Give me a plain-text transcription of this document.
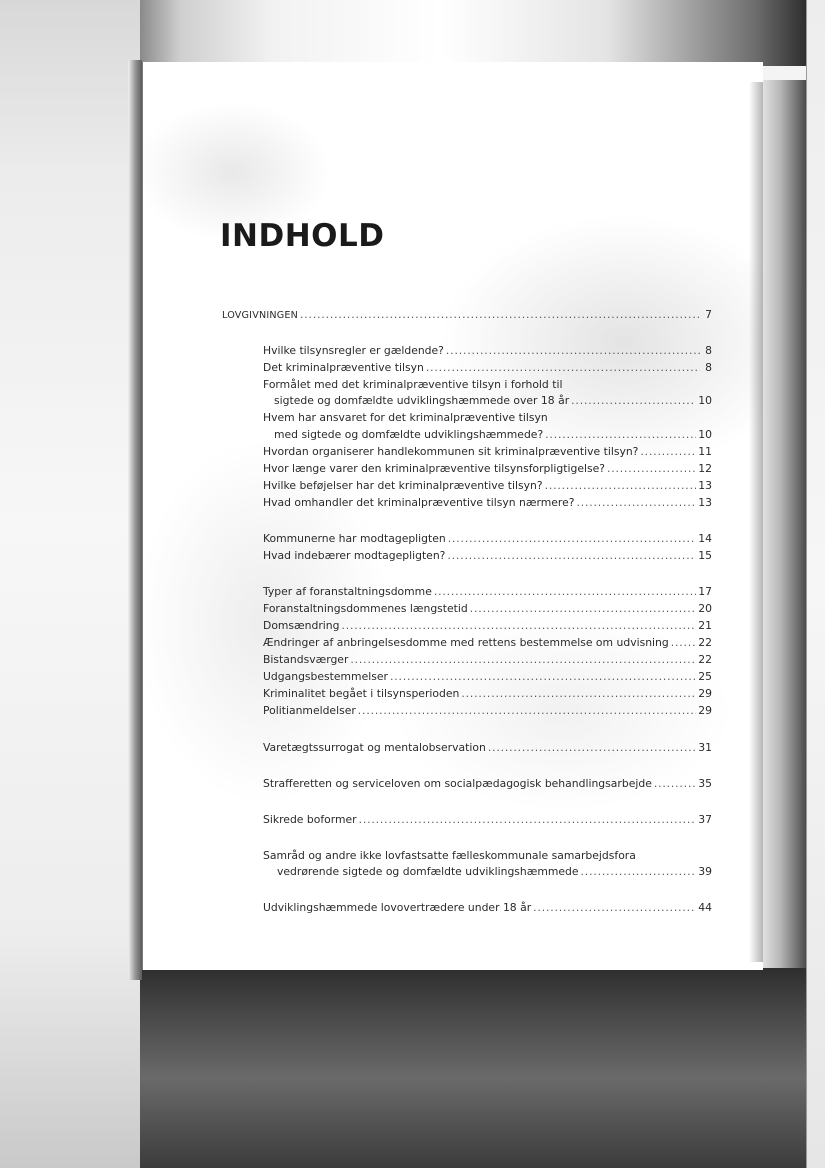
INDHOLD
LOVGIVNINGEN . . .	7
Hvilke tilsynsregler er gældende? . . .	8
Det kriminalpræventive tilsyn . . .	8
Formålet med det kriminalpræventive tilsyn i forhold til
sigtede og domfældte udviklingshæmmede over 18 år . . .	10
Hvem har ansvaret for det kriminalpræventive tilsyn
med sigtede og domfældte udviklingshæmmede? . . .	10
Hvordan organiserer handlekommunen sit kriminalpræventive tilsyn? . . .	11
Hvor længe varer den kriminalpræventive tilsynsforpligtigelse? . . .	12
Hvilke beføjelser har det kriminalpræventive tilsyn? . . .	13
Hvad omhandler det kriminalpræventive tilsyn nærmere? . . .	13
Kommunerne har modtagepligten . . .	14
Hvad indebærer modtagepligten? . . .	15
Typer af foranstaltningsdomme . . .	17
Foranstaltningsdommenes længstetid . . .	20
Domsændring . . .	21
Ændringer af anbringelsesdomme med rettens bestemmelse om udvisning . . .	22
Bistandsværger . . .	22
Udgangsbestemmelser . . .	25
Kriminalitet begået i tilsynsperioden . . .	29
Politianmeldelser . . .	29
Varetægtssurrogat og mentalobservation . . .	31
Strafferetten og serviceloven om socialpædagogisk behandlingsarbejde . . .	35
Sikrede boformer . . .	37
Samråd og andre ikke lovfastsatte fælleskommunale samarbejdsfora
vedrørende sigtede og domfældte udviklingshæmmede . . .	39
Udviklingshæmmede lovovertrædere under 18 år . . .	44
